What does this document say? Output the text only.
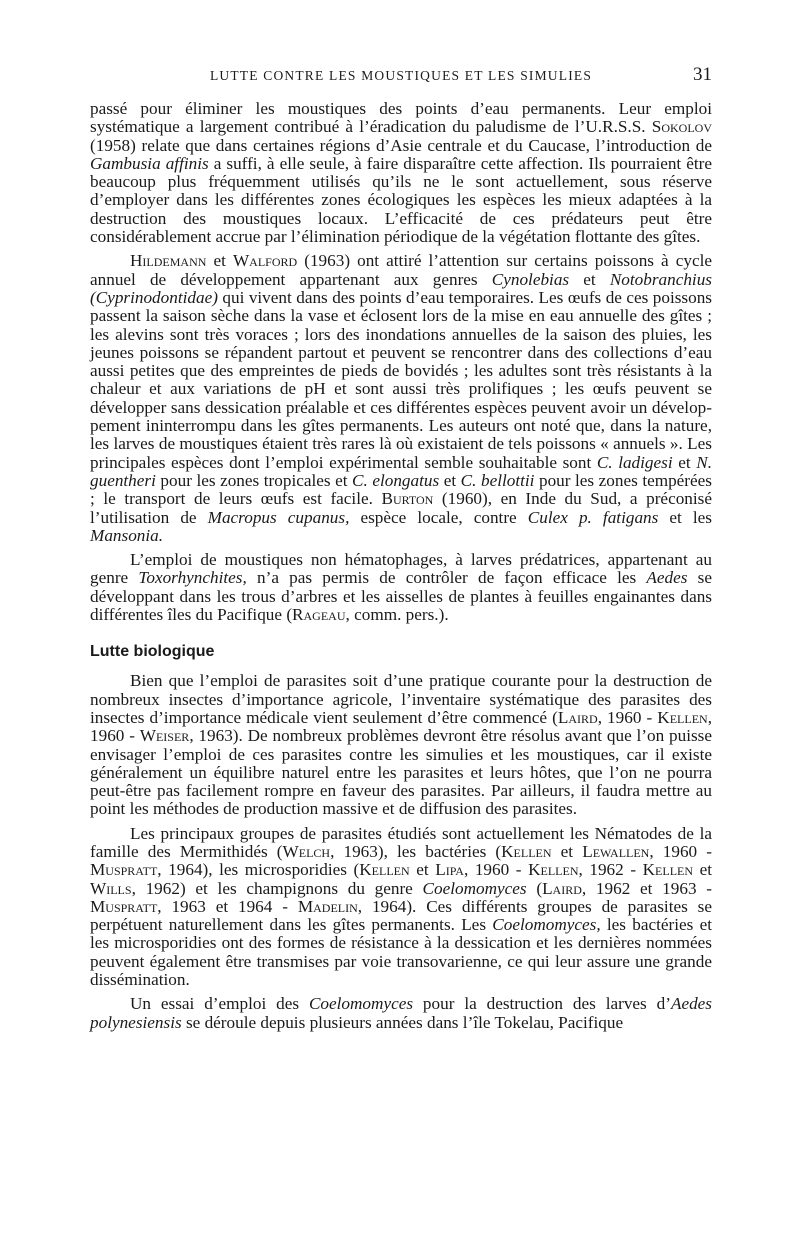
LUTTE CONTRE LES MOUSTIQUES ET LES SIMULIES	31

passé pour éliminer les moustiques des points d’eau permanents. Leur emploi systématique a largement contribué à l’éradication du paludisme de l’U.R.S.S. Sokolov (1958) relate que dans certaines régions d’Asie centrale et du Caucase, l’introduction de Gambusia affinis a suffi, à elle seule, à faire disparaître cette affection. Ils pourraient être beaucoup plus fréquemment utilisés qu’ils ne le sont actuellement, sous réserve d’employer dans les différentes zones écologiques les espèces les mieux adaptées à la destruction des moustiques locaux. L’efficacité de ces prédateurs peut être considérablement accrue par l’élimination périodique de la végétation flottante des gîtes.

Hildemann et Walford (1963) ont attiré l’attention sur certains poissons à cycle annuel de développement appartenant aux genres Cynolebias et Notobranchius (Cyprinodontidae) qui vivent dans des points d’eau temporaires. Les œufs de ces poissons passent la saison sèche dans la vase et éclosent lors de la mise en eau annuelle des gîtes ; les alevins sont très voraces ; lors des inondations annuelles de la saison des pluies, les jeunes poissons se répandent partout et peuvent se rencontrer dans des collections d’eau aussi petites que des empreintes de pieds de bovidés ; les adultes sont très résistants à la chaleur et aux variations de pH et sont aussi très prolifiques ; les œufs peuvent se développer sans dessication préalable et ces différentes espèces peuvent avoir un développement ininterrompu dans les gîtes permanents. Les auteurs ont noté que, dans la nature, les larves de moustiques étaient très rares là où existaient de tels poissons « annuels ». Les principales espèces dont l’emploi expérimental semble souhaitable sont C. ladigesi et N. guentheri pour les zones tropicales et C. elongatus et C. bellottii pour les zones tempérées ; le transport de leurs œufs est facile. Burton (1960), en Inde du Sud, a préconisé l’utilisation de Macropus cupanus, espèce locale, contre Culex p. fatigans et les Mansonia.

L’emploi de moustiques non hématophages, à larves prédatrices, appartenant au genre Toxorhynchites, n’a pas permis de contrôler de façon efficace les Aedes se développant dans les trous d’arbres et les aisselles de plantes à feuilles engainantes dans différentes îles du Pacifique (Rageau, comm. pers.).

Lutte biologique

Bien que l’emploi de parasites soit d’une pratique courante pour la destruction de nombreux insectes d’importance agricole, l’inventaire systématique des parasites des insectes d’importance médicale vient seulement d’être commencé (Laird, 1960 - Kellen, 1960 - Weiser, 1963). De nombreux problèmes devront être résolus avant que l’on puisse envisager l’emploi de ces parasites contre les simulies et les moustiques, car il existe généralement un équilibre naturel entre les parasites et leurs hôtes, que l’on ne pourra peut-être pas facilement rompre en faveur des parasites. Par ailleurs, il faudra mettre au point les méthodes de production massive et de diffusion des parasites.

Les principaux groupes de parasites étudiés sont actuellement les Nématodes de la famille des Mermithidés (Welch, 1963), les bactéries (Kellen et Lewallen, 1960 - Muspratt, 1964), les microsporidies (Kellen et Lipa, 1960 - Kellen, 1962 - Kellen et Wills, 1962) et les champignons du genre Coelomomyces (Laird, 1962 et 1963 - Muspratt, 1963 et 1964 - Madelin, 1964). Ces différents groupes de parasites se perpétuent naturellement dans les gîtes permanents. Les Coelomomyces, les bactéries et les microsporidies ont des formes de résistance à la dessication et les dernières nommées peuvent également être transmises par voie transovarienne, ce qui leur assure une grande dissémination.

Un essai d’emploi des Coelomomyces pour la destruction des larves d’Aedes polynesiensis se déroule depuis plusieurs années dans l’île Tokelau, Pacifique
